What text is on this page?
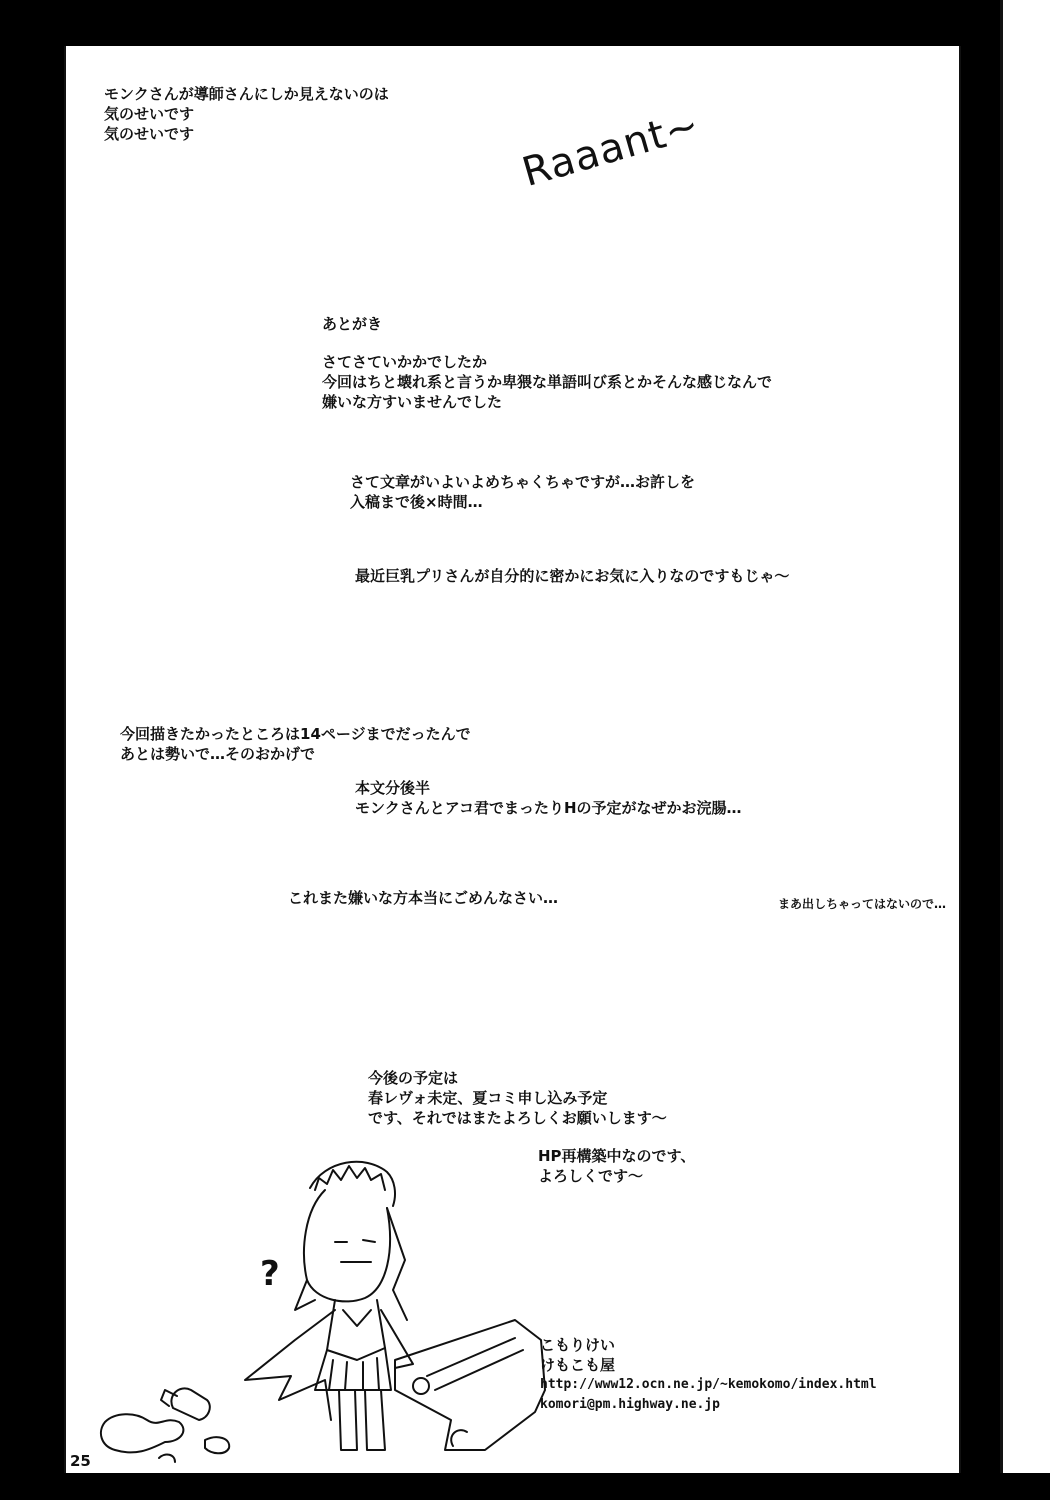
モンクさんが導師さんにしか見えないのは
気のせいです
気のせいです	Raaant~
あとがき
さてさていかかでしたか
今回はちと壊れ系と言うか卑猥な単語叫び系とかそんな感じなんで
嫌いな方すいませんでした
さて文章がいよいよめちゃくちゃですが…お許しを
入稿まで後×時間…
最近巨乳プリさんが自分的に密かにお気に入りなのですもじゃ〜
今回描きたかったところは14ページまでだったんで
あとは勢いで…そのおかげで
本文分後半
モンクさんとアコ君でまったりHの予定がなぜかお浣腸…
これまた嫌いな方本当にごめんなさい…	まあ出しちゃってはないので…
今後の予定は
春レヴォ未定、夏コミ申し込み予定
です、それではまたよろしくお願いします〜
HP再構築中なのです、
よろしくです〜
?
こもりけい
けもこも屋
http://www12.ocn.ne.jp/~kemokomo/index.html
komori@pm.highway.ne.jp
25
